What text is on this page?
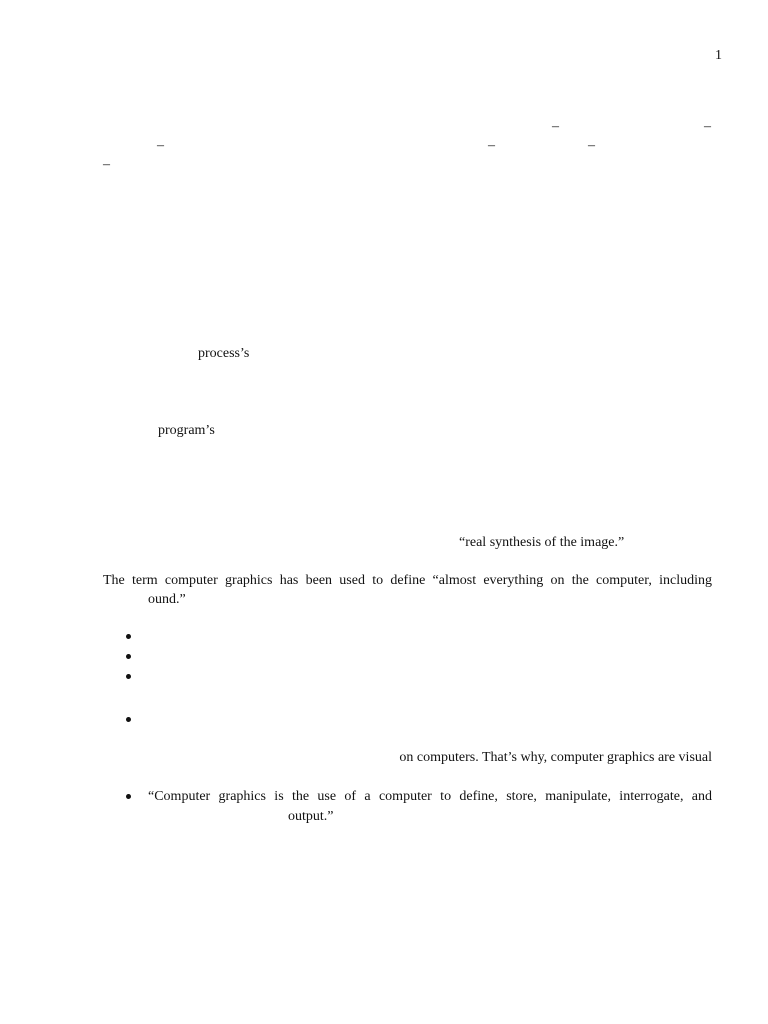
1
–	–
–	–	–
–
process’s
program’s
“real synthesis of the image.”
The term computer graphics has been used to define “almost everything on the computer, including
ound.”
on computers. That’s why, computer graphics are visual
“Computer graphics is the use of a computer to define, store, manipulate, interrogate, and
output.”
